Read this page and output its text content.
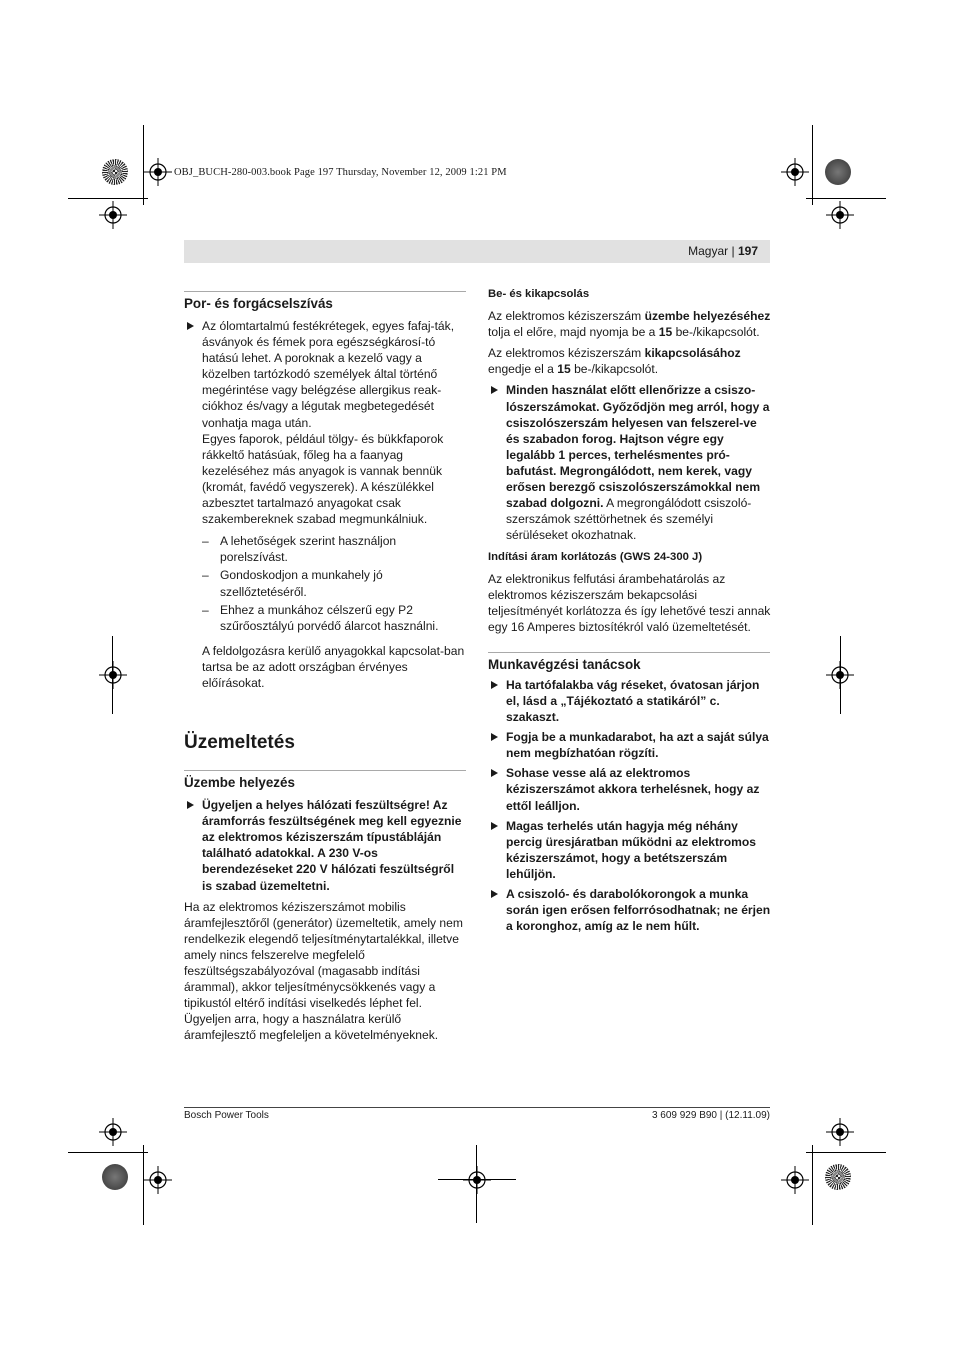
OBJ_BUCH-280-003.book Page 197 Thursday, November 12, 2009 1:21 PM
Magyar | 197

Por- és forgácselszívás

Az ólomtartalmú festékrétegek, egyes fafaj-ták, ásványok és fémek pora egészségkárosí-tó hatású lehet. A poroknak a kezelő vagy a közelben tartózkodó személyek által történő megérintése vagy belégzése allergikus reak-ciókhoz és/vagy a légutak megbetegedését vonhatja maga után.

Egyes faporok, például tölgy- és bükkfaporok rákkeltő hatásúak, főleg ha a faanyag kezeléséhez más anyagok is vannak bennük (kromát, favédő vegyszerek). A készülékkel azbesztet tartalmazó anyagokat csak szakembereknek szabad megmunkálniuk.

– A lehetőségek szerint használjon porelszívást.
– Gondoskodjon a munkahely jó szellőztetéséről.
– Ehhez a munkához célszerű egy P2 szűrőosztályú porvédő álarcot használni.

A feldolgozásra kerülő anyagokkal kapcsolat-ban tartsa be az adott országban érvényes előírásokat.

Üzemeltetés

Üzembe helyezés

Ügyeljen a helyes hálózati feszültségre! Az áramforrás feszültségének meg kell egyeznie az elektromos kéziszerszám típustábláján található adatokkal. A 230 V-os berendezéseket 220 V hálózati feszültségről is szabad üzemeltetni.

Ha az elektromos kéziszerszámot mobilis áramfejlesztőről (generátor) üzemeltetik, amely nem rendelkezik elegendő teljesítménytartalékkal, illetve amely nincs felszerelve megfelelő feszültségszabályozóval (magasabb indítási árammal), akkor teljesítménycsökkenés vagy a tipikustól eltérő indítási viselkedés léphet fel.

Ügyeljen arra, hogy a használatra kerülő áramfejlesztő megfeleljen a követelményeknek.

Be- és kikapcsolás

Az elektromos kéziszerszám üzembe helyezéséhez tolja el előre, majd nyomja be a 15 be-/kikapcsolót.

Az elektromos kéziszerszám kikapcsolásához engedje el a 15 be-/kikapcsolót.

Minden használat előtt ellenőrizze a csiszo-lószerszámokat. Győződjön meg arról, hogy a csiszolószerszám helyesen van felszerel-ve és szabadon forog. Hajtson végre egy legalább 1 perces, terhelésmentes pró-bafutást. Megrongálódott, nem kerek, vagy erősen berezgő csiszolószerszámokkal nem szabad dolgozni. A megrongálódott csiszoló-szerszámok széttörhetnek és személyi sérüléseket okozhatnak.

Indítási áram korlátozás (GWS 24-300 J)

Az elektronikus felfutási árambehatárolás az elektromos kéziszerszám bekapcsolási teljesítményét korlátozza és így lehetővé teszi annak egy 16 Amperes biztosítékról való üzemeltetését.

Munkavégzési tanácsok

Ha tartófalakba vág réseket, óvatosan járjon el, lásd a „Tájékoztató a statikáról” c. szakaszt.
Fogja be a munkadarabot, ha azt a saját súlya nem megbízhatóan rögzíti.
Sohase vesse alá az elektromos kéziszerszámot akkora terhelésnek, hogy az ettől leálljon.
Magas terhelés után hagyja még néhány percig üresjáratban működni az elektromos kéziszerszámot, hogy a betétszerszám lehűljön.
A csiszoló- és darabolókorongok a munka során igen erősen felforrósodhatnak; ne érjen a koronghoz, amíg az le nem hűlt.
Bosch Power Tools	3 609 929 B90 | (12.11.09)
